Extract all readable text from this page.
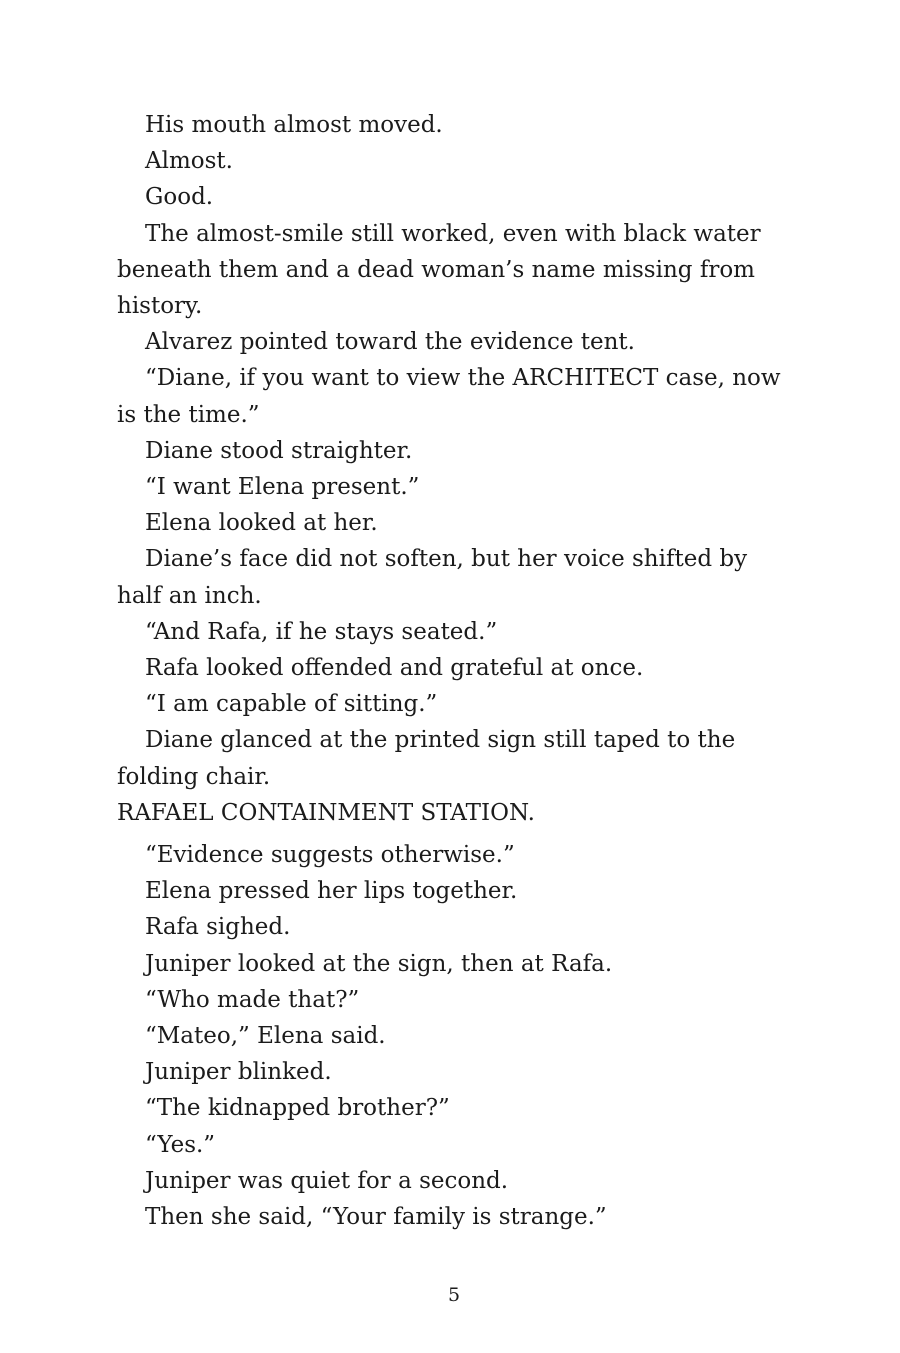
His mouth almost moved.

Almost.

Good.

The almost-smile still worked, even with black water beneath them and a dead woman’s name missing from history.

Alvarez pointed toward the evidence tent.

“Diane, if you want to view the ARCHITECT case, now is the time.”

Diane stood straighter.

“I want Elena present.”

Elena looked at her.

Diane’s face did not soften, but her voice shifted by half an inch.

“And Rafa, if he stays seated.”

Rafa looked offended and grateful at once.

“I am capable of sitting.”

Diane glanced at the printed sign still taped to the folding chair.

RAFAEL CONTAINMENT STATION.

“Evidence suggests otherwise.”

Elena pressed her lips together.

Rafa sighed.

Juniper looked at the sign, then at Rafa.

“Who made that?”

“Mateo,” Elena said.

Juniper blinked.

“The kidnapped brother?”

“Yes.”

Juniper was quiet for a second.

Then she said, “Your family is strange.”

5
